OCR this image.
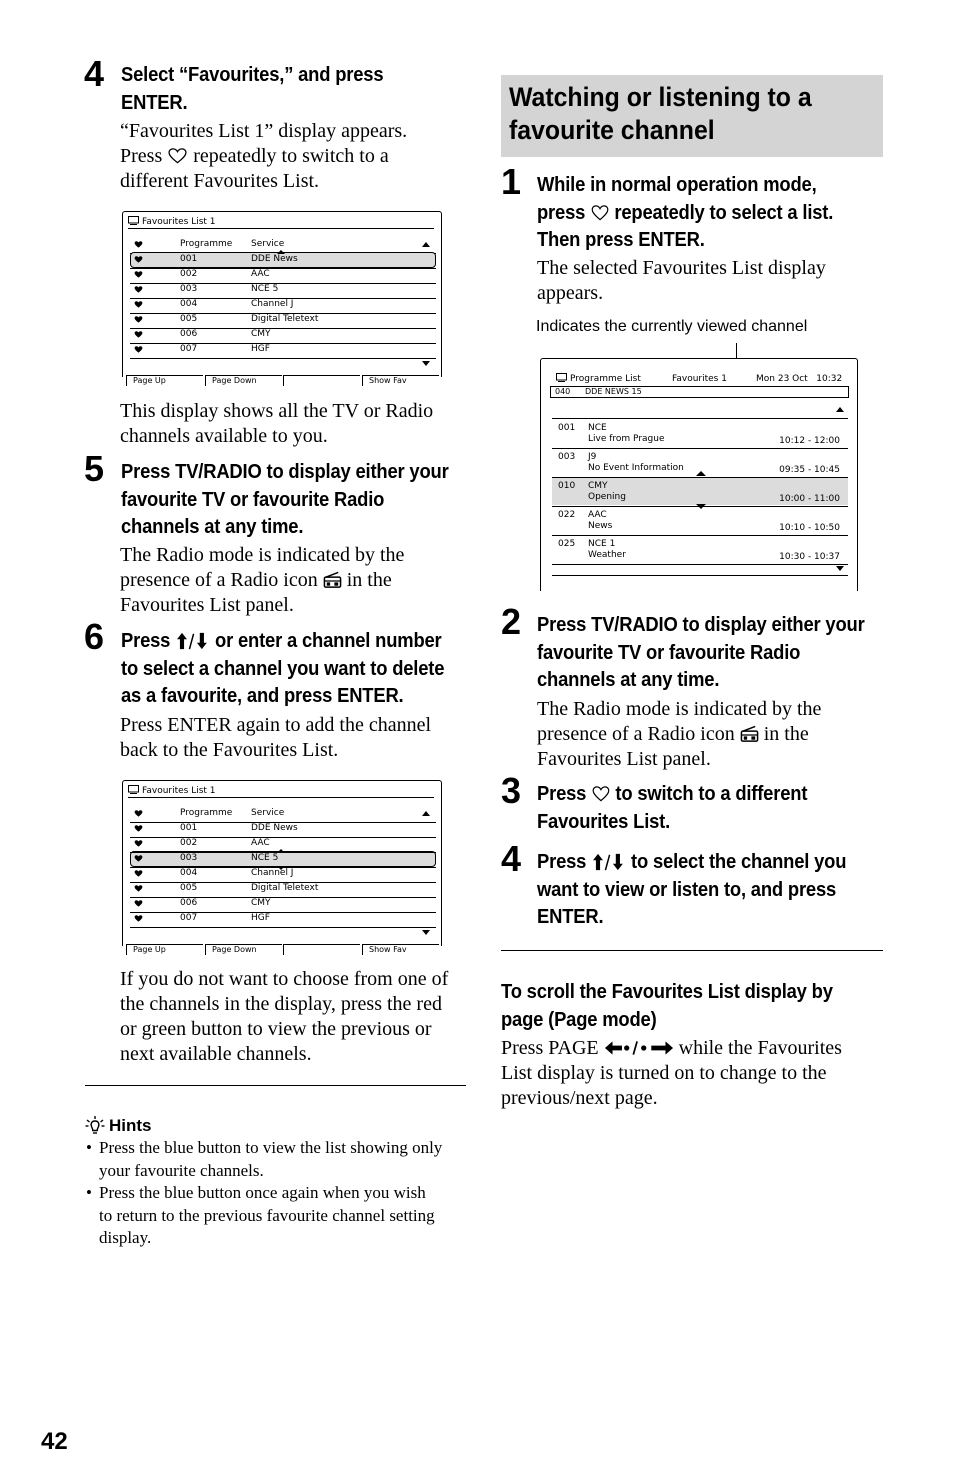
4 Select “Favourites,” and press
ENTER.
“Favourites List 1” display appears.
Press repeatedly to switch to a
different Favourites List.
Favourites List 1
Programme Service
001	DDE News
002	AAC
003	NCE 5
004	Channel J
005	Digital Teletext
006	CMY
007	HGF
Page Up	Page Down	Show Fav
This display shows all the TV or Radio
channels available to you.
5 Press TV/RADIO to display either your
favourite TV or favourite Radio
channels at any time.
The Radio mode is indicated by the
presence of a Radio icon in the
Favourites List panel.
6 Press or enter a channel number
to select a channel you want to delete
as a favourite, and press ENTER.
Press ENTER again to add the channel
back to the Favourites List.
Favourites List 1
Programme Service
001	DDE News
002	AAC
003	NCE 5
004	Channel J
005	Digital Teletext
006	CMY
007	HGF
Page Up	Page Down	Show Fav
If you do not want to choose from one of
the channels in the display, press the red
or green button to view the previous or
next available channels.
Hints
• Press the blue button to view the list showing only
your favourite channels.
• Press the blue button once again when you wish
to return to the previous favourite channel setting
display.
Watching or listening to a
favourite channel
1 While in normal operation mode,
press repeatedly to select a list.
Then press ENTER.
The selected Favourites List display
appears.
Indicates the currently viewed channel
Programme List	Favourites 1	Mon 23 Oct   10:32
040 DDE NEWS 15
001 NCE
Live from Prague	10:12 - 12:00
003 J9
No Event Information	09:35 - 10:45
010 CMY
Opening	10:00 - 11:00
022 AAC
News	10:10 - 10:50
025 NCE 1
Weather	10:30 - 10:37
2 Press TV/RADIO to display either your
favourite TV or favourite Radio
channels at any time.
The Radio mode is indicated by the
presence of a Radio icon in the
Favourites List panel.
3 Press to switch to a different
Favourites List.
4 Press to select the channel you
want to view or listen to, and press
ENTER.
To scroll the Favourites List display by
page (Page mode)
Press PAGE	while the Favourites
List display is turned on to change to the
previous/next page.
42
